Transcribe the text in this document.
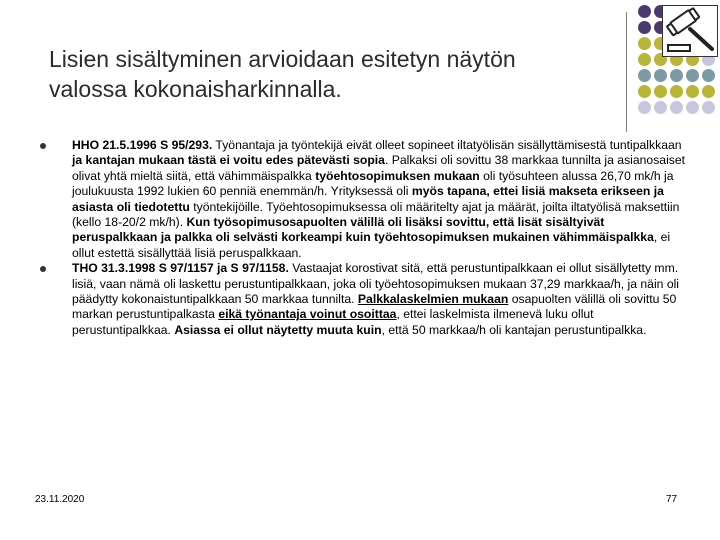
Lisien sisältyminen arvioidaan esitetyn näytön
valossa kokonaisharkinnalla.

HHO 21.5.1996 S 95/293. Työnantaja ja työntekijä eivät olleet sopineet iltatyölisän sisällyttämisestä tuntipalkkaan ja kantajan mukaan tästä ei voitu edes pätevästi sopia. Palkaksi oli sovittu 38 markkaa tunnilta ja asianosaiset olivat yhtä mieltä siitä, että vähimmäispalkka työehtosopimuksen mukaan oli työsuhteen alussa 26,70 mk/h ja joulukuusta 1992 lukien 60 penniä enemmän/h. Yrityksessä oli myös tapana, ettei lisiä makseta erikseen ja asiasta oli tiedotettu työntekijöille. Työehtosopimuksessa oli määritelty ajat ja määrät, joilta iltatyölisä maksettiin (kello 18-20/2 mk/h). Kun työsopimusosapuolten välillä oli lisäksi sovittu, että lisät sisältyivät peruspalkkaan ja palkka oli selvästi korkeampi kuin työehtosopimuksen mukainen vähimmäispalkka, ei ollut estettä sisällyttää lisiä peruspalkkaan.

THO 31.3.1998 S 97/1157 ja S 97/1158. Vastaajat korostivat sitä, että perustuntipalkkaan ei ollut sisällytetty mm. lisiä, vaan nämä oli laskettu perustuntipalkkaan, joka oli työehtosopimuksen mukaan 37,29 markkaa/h, ja näin oli päädytty kokonaistuntipalkkaan 50 markkaa tunnilta. Palkkalaskelmien mukaan osapuolten välillä oli sovittu 50 markan perustuntipalkasta eikä työnantaja voinut osoittaa, ettei laskelmista ilmenevä luku ollut perustuntipalkkaa. Asiassa ei ollut näytetty muuta kuin, että 50 markkaa/h oli kantajan perustuntipalkka.

23.11.2020	77
